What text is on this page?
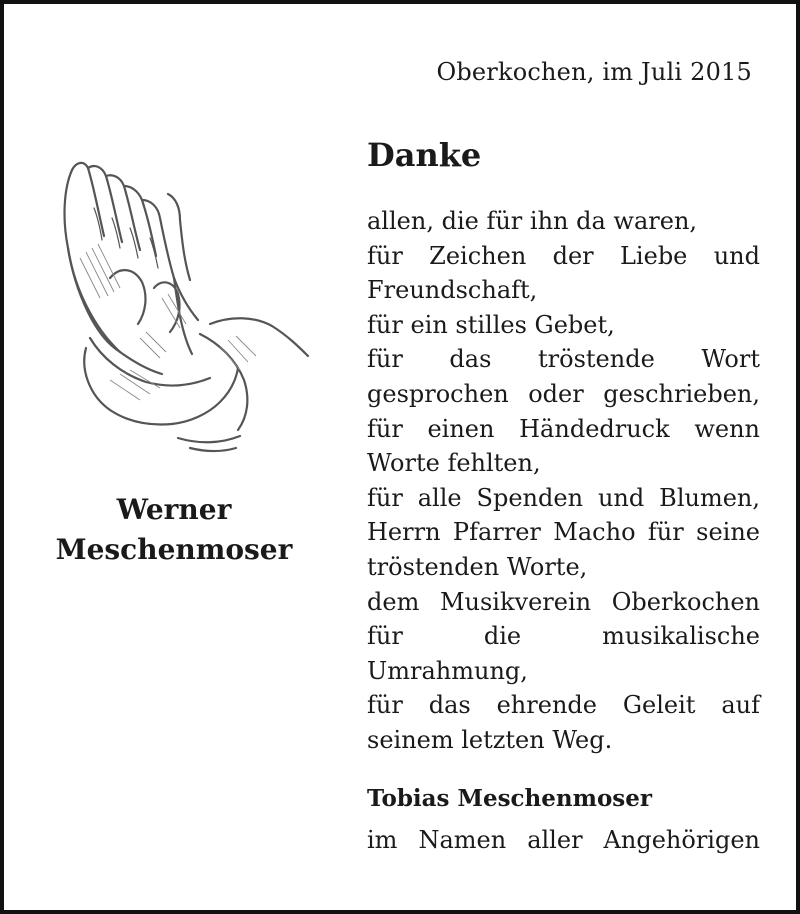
Oberkochen, im Juli 2015
Werner
Meschenmoser
Danke
allen, die für ihn da waren,
für Zeichen der Liebe und
Freundschaft,
für ein stilles Gebet,
für das tröstende Wort
gesprochen oder geschrieben,
für einen Händedruck wenn
Worte fehlten,
für alle Spenden und Blumen,
Herrn Pfarrer Macho für seine
tröstenden Worte,
dem Musikverein Oberkochen
für die musikalische
Umrahmung,
für das ehrende Geleit auf
seinem letzten Weg.
Tobias Meschenmoser
im Namen aller Angehörigen
